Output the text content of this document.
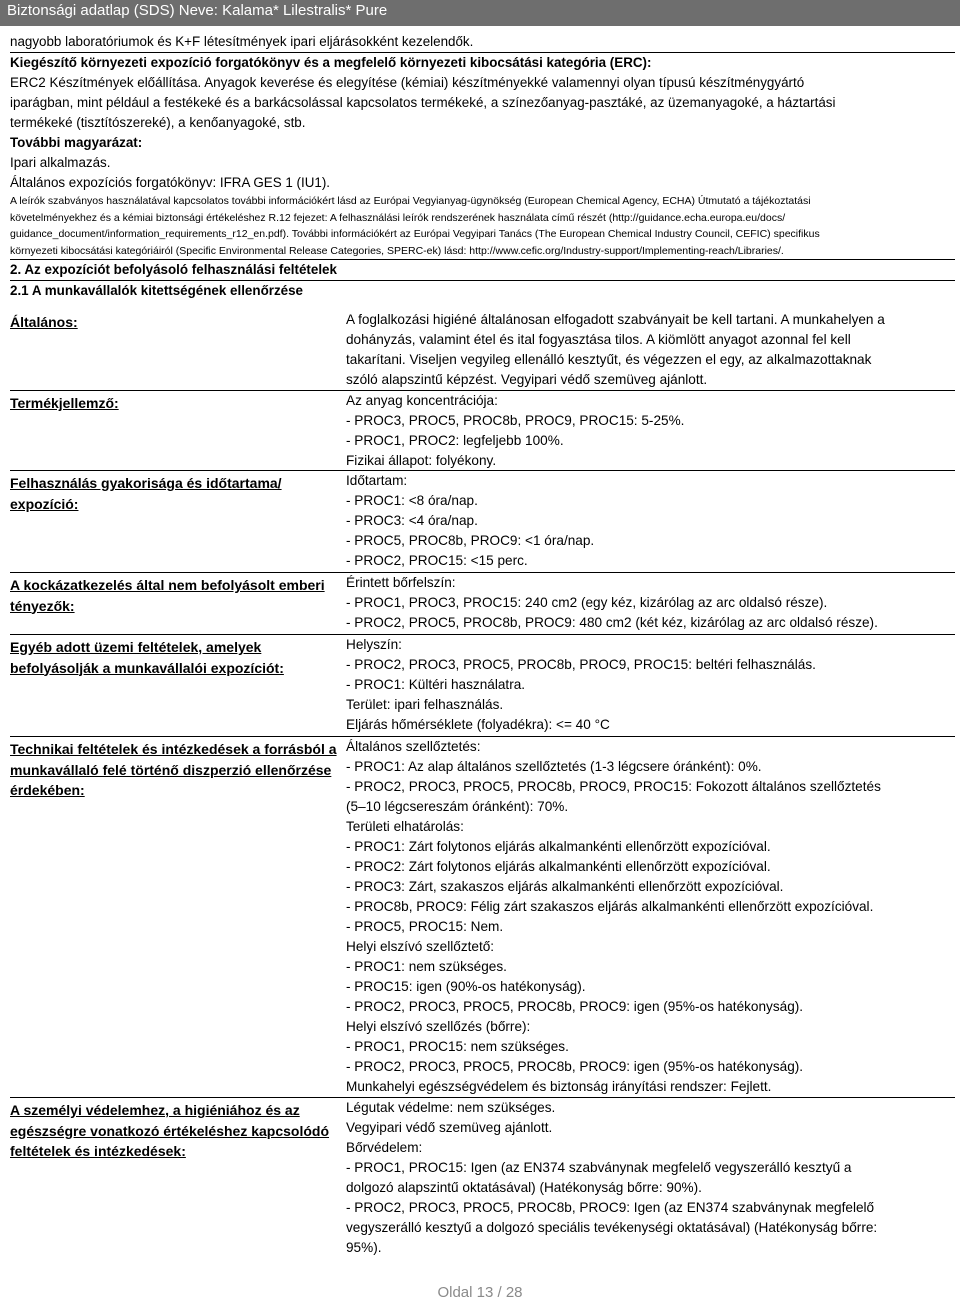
Biztonsági adatlap (SDS) Neve: Kalama* Lilestralis* Pure
nagyobb laboratóriumok és K+F létesítmények ipari eljárásokként kezelendők.
Kiegészítő környezeti expozíció forgatókönyv és a megfelelő környezeti kibocsátási kategória (ERC):
ERC2 Készítmények előállítása. Anyagok keverése és elegyítése (kémiai) készítményekké valamennyi olyan típusú készítménygyártó
iparágban, mint például a festékeké és a barkácsolással kapcsolatos termékeké, a színezőanyag-pasztáké, az üzemanyagoké, a háztartási
termékeké (tisztítószereké), a kenőanyagoké, stb.
További magyarázat:
Ipari alkalmazás.
Általános expozíciós forgatókönyv: IFRA GES 1 (IU1).
A leírók szabványos használatával kapcsolatos további információkért lásd az Európai Vegyianyag-ügynökség (European Chemical Agency, ECHA) Útmutató a tájékoztatási
követelményekhez és a kémiai biztonsági értékeléshez R.12 fejezet: A felhasználási leírók rendszerének használata című részét (http://guidance.echa.europa.eu/docs/
guidance_document/information_requirements_r12_en.pdf). További információkért az Európai Vegyipari Tanács (The European Chemical Industry Council, CEFIC) specifikus
környezeti kibocsátási kategóriáiról (Specific Environmental Release Categories, SPERC-ek) lásd: http://www.cefic.org/Industry-support/Implementing-reach/Libraries/.
2. Az expozíciót befolyásoló felhasználási feltételek
2.1 A munkavállalók kitettségének ellenőrzése
Általános:	A foglalkozási higiéné általánosan elfogadott szabványait be kell tartani. A munkahelyen a
dohányzás, valamint étel és ital fogyasztása tilos. A kiömlött anyagot azonnal fel kell
takarítani. Viseljen vegyileg ellenálló kesztyűt, és végezzen el egy, az alkalmazottaknak
szóló alapszintű képzést. Vegyipari védő szemüveg ajánlott.
Termékjellemző:	Az anyag koncentrációja:
- PROC3, PROC5, PROC8b, PROC9, PROC15: 5-25%.
- PROC1, PROC2: legfeljebb 100%.
Fizikai állapot: folyékony.
Felhasználás gyakorisága és időtartama/ expozíció:
Időtartam:
- PROC1: <8 óra/nap.
- PROC3: <4 óra/nap.
- PROC5, PROC8b, PROC9: <1 óra/nap.
- PROC2, PROC15: <15 perc.
A kockázatkezelés által nem befolyásolt emberi tényezők:
Érintett bőrfelszín:
- PROC1, PROC3, PROC15: 240 cm2 (egy kéz, kizárólag az arc oldalsó része).
- PROC2, PROC5, PROC8b, PROC9: 480 cm2 (két kéz, kizárólag az arc oldalsó része).
Egyéb adott üzemi feltételek, amelyek befolyásolják a munkavállalói expozíciót:
Helyszín:
- PROC2, PROC3, PROC5, PROC8b, PROC9, PROC15: beltéri felhasználás.
- PROC1: Kültéri használatra.
Terület: ipari felhasználás.
Eljárás hőmérséklete (folyadékra): <= 40 °C
Technikai feltételek és intézkedések a forrásból a munkavállaló felé történő diszperzió ellenőrzése érdekében:
Általános szellőztetés:
- PROC1: Az alap általános szellőztetés (1-3 légcsere óránként): 0%.
- PROC2, PROC3, PROC5, PROC8b, PROC9, PROC15: Fokozott általános szellőztetés
(5–10 légcsereszám óránként): 70%.
Területi elhatárolás:
- PROC1: Zárt folytonos eljárás alkalmankénti ellenőrzött expozícióval.
- PROC2: Zárt folytonos eljárás alkalmankénti ellenőrzött expozícióval.
- PROC3: Zárt, szakaszos eljárás alkalmankénti ellenőrzött expozícióval.
- PROC8b, PROC9: Félig zárt szakaszos eljárás alkalmankénti ellenőrzött expozícióval.
- PROC5, PROC15: Nem.
Helyi elszívó szellőztető:
- PROC1: nem szükséges.
- PROC15: igen (90%-os hatékonyság).
- PROC2, PROC3, PROC5, PROC8b, PROC9: igen (95%-os hatékonyság).
Helyi elszívó szellőzés (bőrre):
- PROC1, PROC15: nem szükséges.
- PROC2, PROC3, PROC5, PROC8b, PROC9: igen (95%-os hatékonyság).
Munkahelyi egészségvédelem és biztonság irányítási rendszer: Fejlett.
A személyi védelemhez, a higiéniához és az egészségre vonatkozó értékeléshez kapcsolódó feltételek és intézkedések:
Légutak védelme: nem szükséges.
Vegyipari védő szemüveg ajánlott.
Bőrvédelem:
- PROC1, PROC15: Igen (az EN374 szabványnak megfelelő vegyszerálló kesztyű a
dolgozó alapszintű oktatásával) (Hatékonyság bőrre: 90%).
- PROC2, PROC3, PROC5, PROC8b, PROC9: Igen (az EN374 szabványnak megfelelő
vegyszerálló kesztyű a dolgozó speciális tevékenységi oktatásával) (Hatékonyság bőrre:
95%).
Oldal 13 / 28
